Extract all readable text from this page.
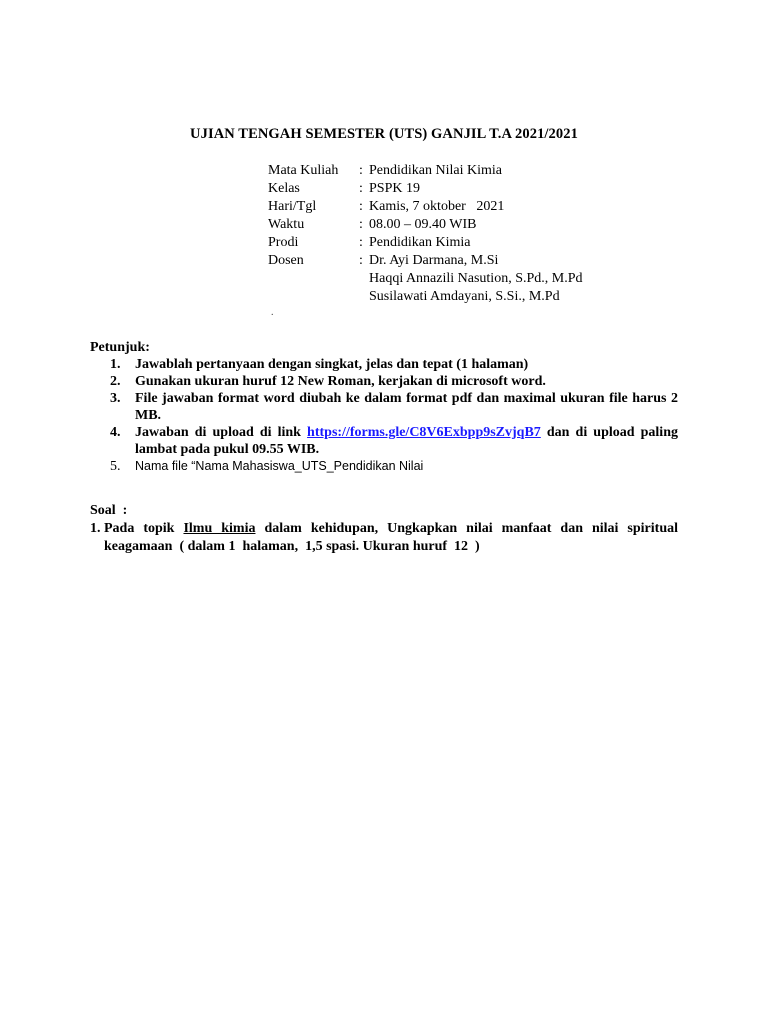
UJIAN TENGAH SEMESTER (UTS) GANJIL T.A 2021/2021
Mata Kuliah	: Pendidikan Nilai Kimia
Kelas	: PSPK 19
Hari/Tgl	: Kamis, 7 oktober   2021
Waktu	: 08.00 – 09.40 WIB
Prodi	: Pendidikan Kimia
Dosen	: Dr. Ayi Darmana, M.Si
Haqqi Annazili Nasution, S.Pd., M.Pd
Susilawati Amdayani, S.Si., M.Pd
.
Petunjuk:
1.	Jawablah pertanyaan dengan singkat, jelas dan tepat (1 halaman)
2.	Gunakan ukuran huruf 12 New Roman, kerjakan di microsoft word.
3.	File jawaban format word diubah ke dalam format pdf dan maximal ukuran file harus 2 MB.
4.	Jawaban di upload di link https://forms.gle/C8V6Exbpp9sZvjqB7 dan di upload paling lambat pada pukul 09.55 WIB.
5.	Nama file “Nama Mahasiswa_UTS_Pendidikan Nilai
Soal  :
1. Pada topik Ilmu kimia dalam kehidupan, Ungkapkan nilai manfaat dan nilai spiritual keagamaan  ( dalam 1  halaman,  1,5 spasi. Ukuran huruf  12  )
